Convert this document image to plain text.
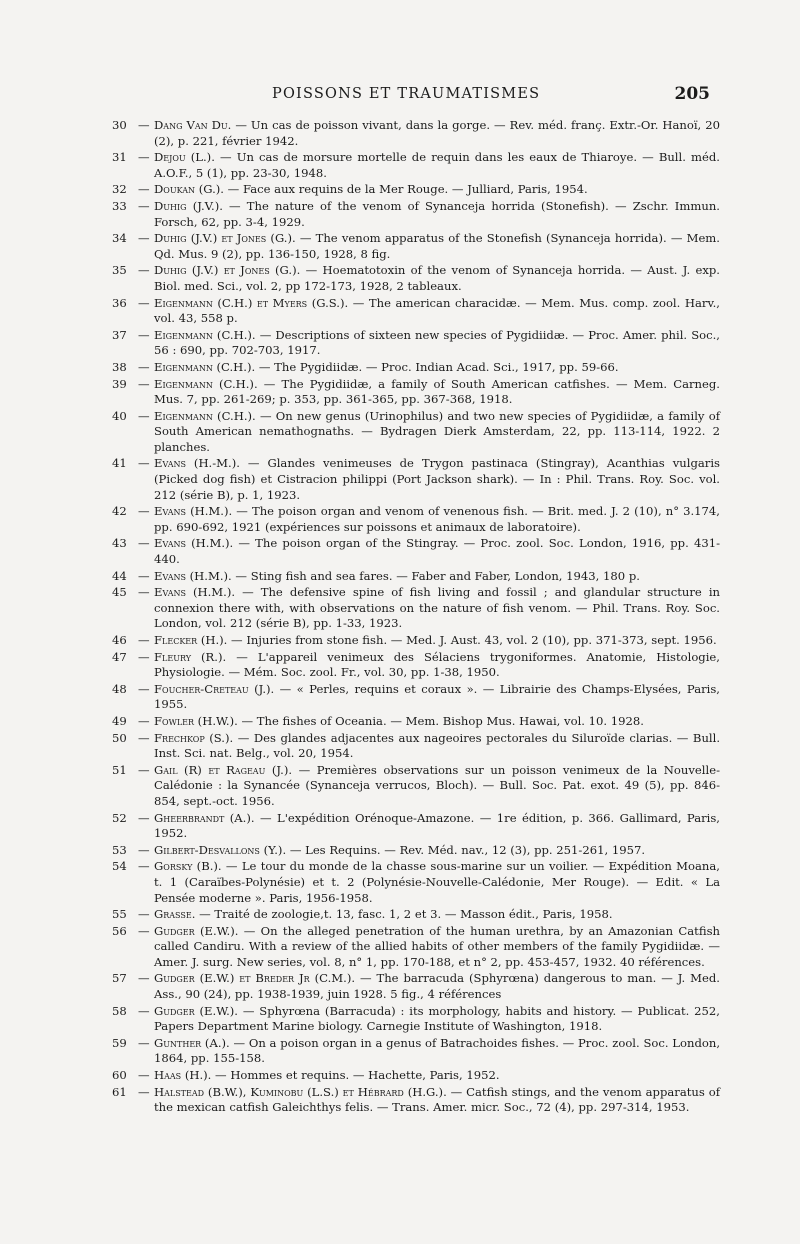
POISSONS ET TRAUMATISMES	205
30 — Dang Van Du. — Un cas de poisson vivant, dans la gorge. — Rev. méd. franç. Extr.-Or. Hanoï, 20 (2), p. 221, février 1942.
31 — Dejou (L.). — Un cas de morsure mortelle de requin dans les eaux de Thiaroye. — Bull. méd. A.O.F., 5 (1), pp. 23-30, 1948.
32 — Doukan (G.). — Face aux requins de la Mer Rouge. — Julliard, Paris, 1954.
33 — Duhig (J.V.). — The nature of the venom of Synanceja horrida (Stonefish). — Zschr. Immun. Forsch, 62, pp. 3-4, 1929.
34 — Duhig (J.V.) et Jones (G.). — The venom apparatus of the Stonefish (Synanceja horrida). — Mem. Qd. Mus. 9 (2), pp. 136-150, 1928, 8 fig.
35 — Duhig (J.V.) et Jones (G.). — Hoematotoxin of the venom of Synanceja horrida. — Aust. J. exp. Biol. med. Sci., vol. 2, pp 172-173, 1928, 2 tableaux.
36 — Eigenmann (C.H.) et Myers (G.S.). — The american characidæ. — Mem. Mus. comp. zool. Harv., vol. 43, 558 p.
37 — Eigenmann (C.H.). — Descriptions of sixteen new species of Pygidiidæ. — Proc. Amer. phil. Soc., 56 : 690, pp. 702-703, 1917.
38 — Eigenmann (C.H.). — The Pygidiidæ. — Proc. Indian Acad. Sci., 1917, pp. 59-66.
39 — Eigenmann (C.H.). — The Pygidiidæ, a family of South American catfishes. — Mem. Carneg. Mus. 7, pp. 261-269; p. 353, pp. 361-365, pp. 367-368, 1918.
40 — Eigenmann (C.H.). — On new genus (Urinophilus) and two new species of Pygidiidæ, a family of South American nemathognaths. — Bydragen Dierk Amsterdam, 22, pp. 113-114, 1922. 2 planches.
41 — Evans (H.-M.). — Glandes venimeuses de Trygon pastinaca (Stingray), Acanthias vulgaris (Picked dog fish) et Cistracion philippi (Port Jackson shark). — In : Phil. Trans. Roy. Soc. vol. 212 (série B), p. 1, 1923.
42 — Evans (H.M.). — The poison organ and venom of venenous fish. — Brit. med. J. 2 (10), n° 3.174, pp. 690-692, 1921 (expériences sur poissons et animaux de laboratoire).
43 — Evans (H.M.). — The poison organ of the Stingray. — Proc. zool. Soc. London, 1916, pp. 431-440.
44 — Evans (H.M.). — Sting fish and sea fares. — Faber and Faber, London, 1943, 180 p.
45 — Evans (H.M.). — The defensive spine of fish living and fossil ; and glandular structure in connexion there with, with observations on the nature of fish venom. — Phil. Trans. Roy. Soc. London, vol. 212 (série B), pp. 1-33, 1923.
46 — Flecker (H.). — Injuries from stone fish. — Med. J. Aust. 43, vol. 2 (10), pp. 371-373, sept. 1956.
47 — Fleury (R.). — L'appareil venimeux des Sélaciens trygoniformes. Anatomie, Histologie, Physiologie. — Mém. Soc. zool. Fr., vol. 30, pp. 1-38, 1950.
48 — Foucher-Creteau (J.). — « Perles, requins et coraux ». — Librairie des Champs-Elysées, Paris, 1955.
49 — Fowler (H.W.). — The fishes of Oceania. — Mem. Bishop Mus. Hawai, vol. 10. 1928.
50 — Frechkop (S.). — Des glandes adjacentes aux nageoires pectorales du Siluroïde clarias. — Bull. Inst. Sci. nat. Belg., vol. 20, 1954.
51 — Gail (R) et Rageau (J.). — Premières observations sur un poisson venimeux de la Nouvelle-Calédonie : la Synancée (Synanceja verrucos, Bloch). — Bull. Soc. Pat. exot. 49 (5), pp. 846-854, sept.-oct. 1956.
52 — Gheerbrandt (A.). — L'expédition Orénoque-Amazone. — 1re édition, p. 366. Gallimard, Paris, 1952.
53 — Gilbert-Desvallons (Y.). — Les Requins. — Rev. Méd. nav., 12 (3), pp. 251-261, 1957.
54 — Gorsky (B.). — Le tour du monde de la chasse sous-marine sur un voilier. — Expédition Moana, t. 1 (Caraïbes-Polynésie) et t. 2 (Polynésie-Nouvelle-Calédonie, Mer Rouge). — Edit. « La Pensée moderne ». Paris, 1956-1958.
55 — Grasse. — Traité de zoologie,t. 13, fasc. 1, 2 et 3. — Masson édit., Paris, 1958.
56 — Gudger (E.W.). — On the alleged penetration of the human urethra, by an Amazonian Catfish called Candiru. With a review of the allied habits of other members of the family Pygidiidæ. — Amer. J. surg. New series, vol. 8, n° 1, pp. 170-188, et n° 2, pp. 453-457, 1932. 40 références.
57 — Gudger (E.W.) et Breder Jr (C.M.). — The barracuda (Sphyrœna) dangerous to man. — J. Med. Ass., 90 (24), pp. 1938-1939, juin 1928. 5 fig., 4 références
58 — Gudger (E.W.). — Sphyrœna (Barracuda) : its morphology, habits and history. — Publicat. 252, Papers Department Marine biology. Carnegie Institute of Washington, 1918.
59 — Gunther (A.). — On a poison organ in a genus of Batrachoides fishes. — Proc. zool. Soc. London, 1864, pp. 155-158.
60 — Haas (H.). — Hommes et requins. — Hachette, Paris, 1952.
61 — Halstead (B.W.), Kuminobu (L.S.) et Hébrard (H.G.). — Catfish stings, and the venom apparatus of the mexican catfish Galeichthys felis. — Trans. Amer. micr. Soc., 72 (4), pp. 297-314, 1953.
